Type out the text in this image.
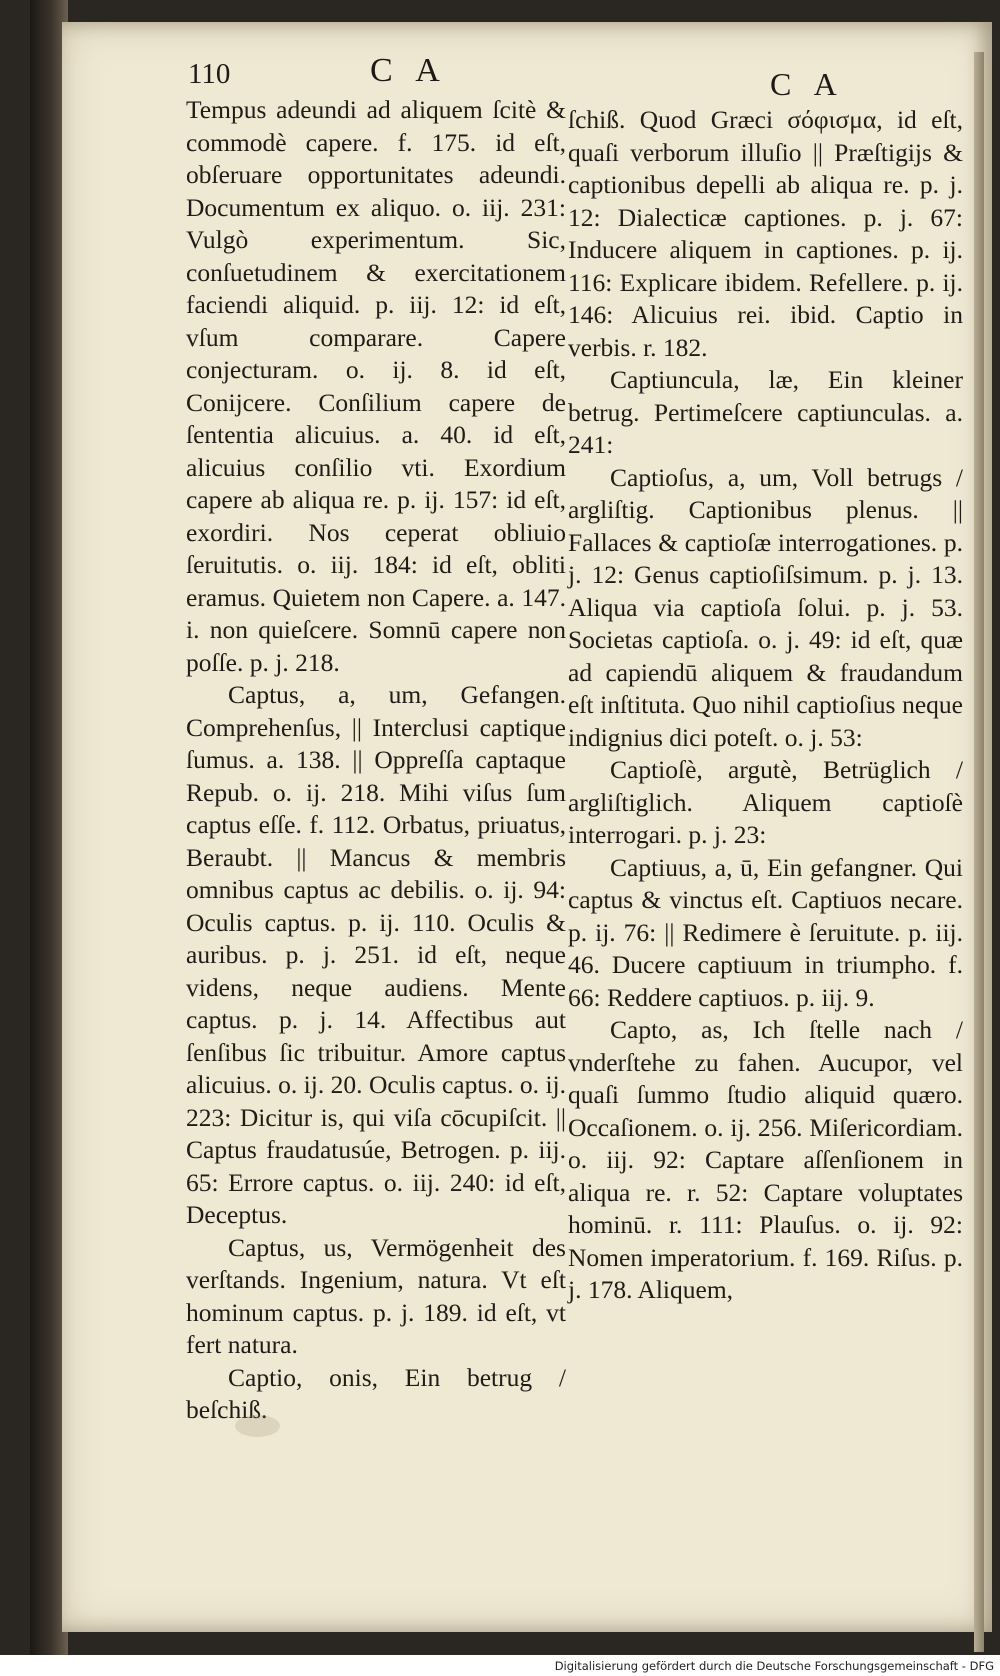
110	C A	C A

Tempus adeundi ad aliquem ſcitè & commodè capere. f. 175. id eſt, obſeruare opportunitates adeundi. Documentum ex aliquo. o. iij. 231: Vulgò experimentum. Sic, conſuetudinem & exercitationem faciendi aliquid. p. iij. 12: id eſt, vſum comparare. Capere conjecturam. o. ij. 8. id eſt, Conijcere. Conſilium capere de ſententia alicuius. a. 40. id eſt, alicuius conſilio vti. Exordium capere ab aliqua re. p. ij. 157: id eſt, exordiri. Nos ceperat obliuio ſeruitutis. o. iij. 184: id eſt, obliti eramus. Quietem non Capere. a. 147. i. non quieſcere. Somnū capere non poſſe. p. j. 218.

Captus, a, um, Gefangen. Comprehenſus, || Interclusi captique ſumus. a. 138. || Oppreſſa captaque Repub. o. ij. 218. Mihi viſus ſum captus eſſe. f. 112. Orbatus, priuatus, Beraubt. || Mancus & membris omnibus captus ac debilis. o. ij. 94: Oculis captus. p. ij. 110. Oculis & auribus. p. j. 251. id eſt, neque videns, neque audiens. Mente captus. p. j. 14. Affectibus aut ſenſibus ſic tribuitur. Amore captus alicuius. o. ij. 20. Oculis captus. o. ij. 223: Dicitur is, qui viſa cōcupiſcit. || Captus fraudatusúe, Betrogen. p. iij. 65: Errore captus. o. iij. 240: id eſt, Deceptus.

Captus, us, Vermögenheit des verſtands. Ingenium, natura. Vt eſt hominum captus. p. j. 189. id eſt, vt fert natura.

Captio, onis, Ein betrug / beſchiß.

ſchiß. Quod Græci σόφισμα, id eſt, quaſi verborum illuſio || Præſtigijs & captionibus depelli ab aliqua re. p. j. 12: Dialecticæ captiones. p. j. 67: Inducere aliquem in captiones. p. ij. 116: Explicare ibidem. Refellere. p. ij. 146: Alicuius rei. ibid. Captio in verbis. r. 182.

Captiuncula, læ, Ein kleiner betrug. Pertimeſcere captiunculas. a. 241:

Captioſus, a, um, Voll betrugs / argliſtig. Captionibus plenus. || Fallaces & captioſæ interrogationes. p. j. 12: Genus captioſiſsimum. p. j. 13. Aliqua via captioſa ſolui. p. j. 53. Societas captioſa. o. j. 49: id eſt, quæ ad capiendū aliquem & fraudandum eſt inſtituta. Quo nihil captioſius neque indignius dici poteſt. o. j. 53:

Captioſè, argutè, Betrüglich / argliſtiglich. Aliquem captioſè interrogari. p. j. 23:

Captiuus, a, ū, Ein gefangner. Qui captus & vinctus eſt. Captiuos necare. p. ij. 76: || Redimere è ſeruitute. p. iij. 46. Ducere captiuum in triumpho. f. 66: Reddere captiuos. p. iij. 9.

Capto, as, Ich ſtelle nach / vnderſtehe zu fahen. Aucupor, vel quaſi ſummo ſtudio aliquid quæro. Occaſionem. o. ij. 256. Miſericordiam. o. iij. 92: Captare aſſenſionem in aliqua re. r. 52: Captare voluptates hominū. r. 111: Plauſus. o. ij. 92: Nomen imperatorium. f. 169. Riſus. p. j. 178. Aliquem,

Digitalisierung gefördert durch die Deutsche Forschungsgemeinschaft - DFG
